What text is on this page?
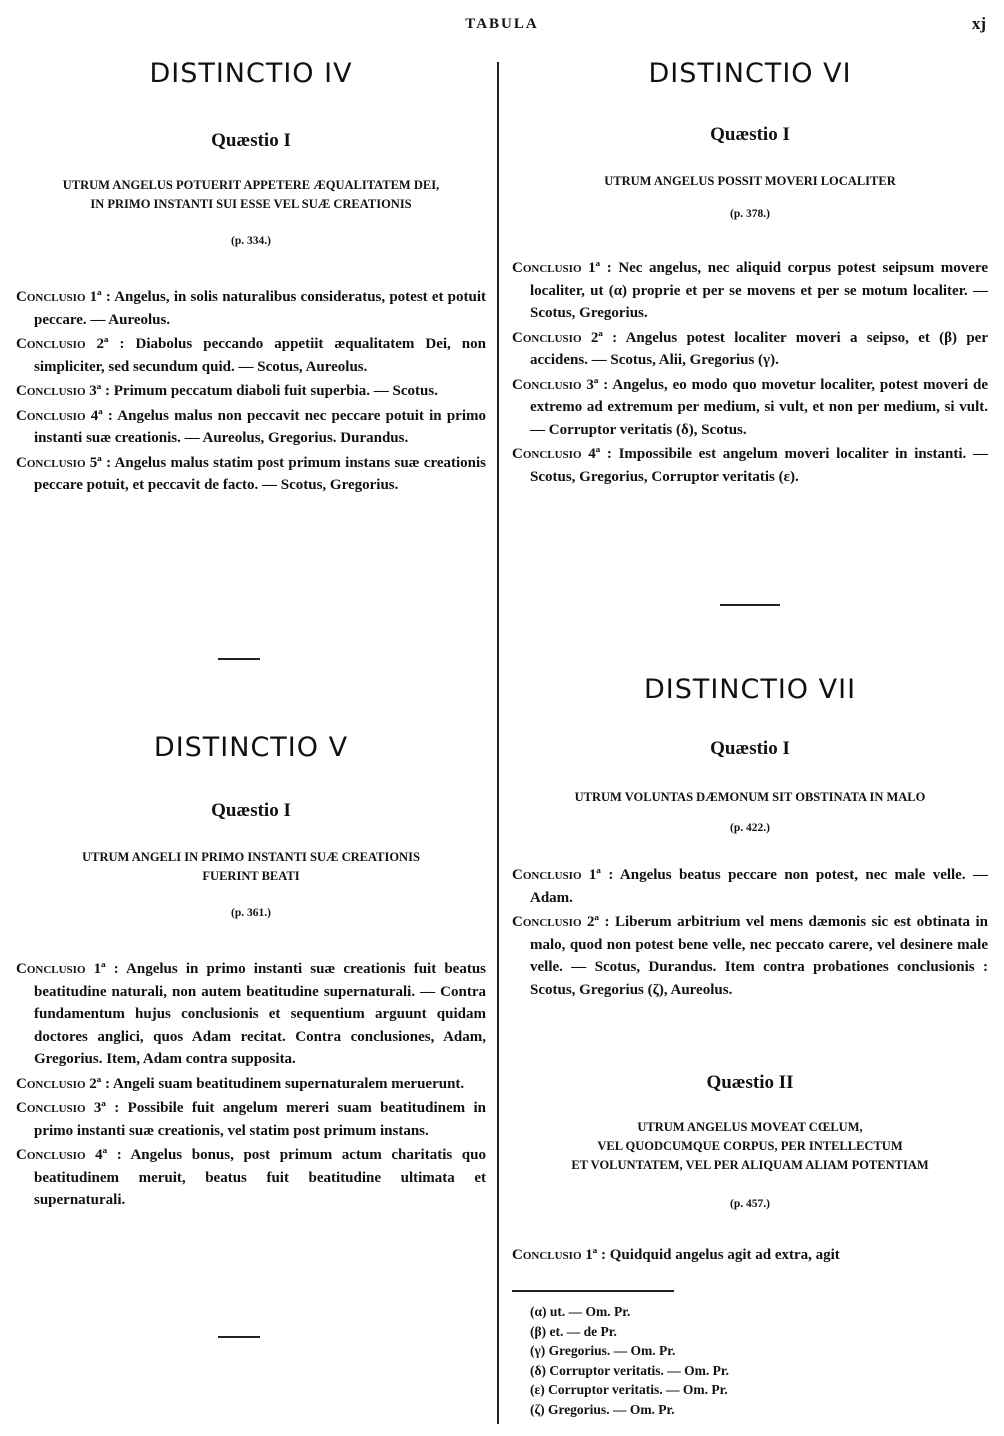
TABULA	xj
DISTINCTIO IV
Quæstio I
UTRUM ANGELUS POTUERIT APPETERE ÆQUALITATEM DEI,
IN PRIMO INSTANTI SUI ESSE VEL SUÆ CREATIONIS
(p. 334.)

Conclusio 1ª : Angelus, in solis naturalibus consideratus, potest et potuit peccare. — Aureolus.

Conclusio 2ª : Diabolus peccando appetiit æqualitatem Dei, non simpliciter, sed secundum quid. — Scotus, Aureolus.

Conclusio 3ª : Primum peccatum diaboli fuit superbia. — Scotus.

Conclusio 4ª : Angelus malus non peccavit nec peccare potuit in primo instanti suæ creationis. — Aureolus, Gregorius. Durandus.

Conclusio 5ª : Angelus malus statim post primum instans suæ creationis peccare potuit, et peccavit de facto. — Scotus, Gregorius.

DISTINCTIO V
Quæstio I
UTRUM ANGELI IN PRIMO INSTANTI SUÆ CREATIONIS
FUERINT BEATI
(p. 361.)

Conclusio 1ª : Angelus in primo instanti suæ creationis fuit beatus beatitudine naturali, non autem beatitudine supernaturali. — Contra fundamentum hujus conclusionis et sequentium arguunt quidam doctores anglici, quos Adam recitat. Contra conclusiones, Adam, Gregorius. Item, Adam contra supposita.

Conclusio 2ª : Angeli suam beatitudinem supernaturalem meruerunt.

Conclusio 3ª : Possibile fuit angelum mereri suam beatitudinem in primo instanti suæ creationis, vel statim post primum instans.

Conclusio 4ª : Angelus bonus, post primum actum charitatis quo beatitudinem meruit, beatus fuit beatitudine ultimata et supernaturali.

DISTINCTIO VI
Quæstio I
UTRUM ANGELUS POSSIT MOVERI LOCALITER
(p. 378.)

Conclusio 1ª : Nec angelus, nec aliquid corpus potest seipsum movere localiter, ut (α) proprie et per se movens et per se motum localiter. — Scotus, Gregorius.

Conclusio 2ª : Angelus potest localiter moveri a seipso, et (β) per accidens. — Scotus, Alii, Gregorius (γ).

Conclusio 3ª : Angelus, eo modo quo movetur localiter, potest moveri de extremo ad extremum per medium, si vult, et non per medium, si vult. — Corruptor veritatis (δ), Scotus.

Conclusio 4ª : Impossibile est angelum moveri localiter in instanti. — Scotus, Gregorius, Corruptor veritatis (ε).

DISTINCTIO VII
Quæstio I
UTRUM VOLUNTAS DÆMONUM SIT OBSTINATA IN MALO
(p. 422.)

Conclusio 1ª : Angelus beatus peccare non potest, nec male velle. — Adam.

Conclusio 2ª : Liberum arbitrium vel mens dæmonis sic est obtinata in malo, quod non potest bene velle, nec peccato carere, vel desinere male velle. — Scotus, Durandus. Item contra probationes conclusionis : Scotus, Gregorius (ζ), Aureolus.

Quæstio II
UTRUM ANGELUS MOVEAT CŒLUM,
VEL QUODCUMQUE CORPUS, PER INTELLECTUM
ET VOLUNTATEM, VEL PER ALIQUAM ALIAM POTENTIAM
(p. 457.)

Conclusio 1ª : Quidquid angelus agit ad extra, agit

(α) ut. — Om. Pr.
(β) et. — de Pr.
(γ) Gregorius. — Om. Pr.
(δ) Corruptor veritatis. — Om. Pr.
(ε) Corruptor veritatis. — Om. Pr.
(ζ) Gregorius. — Om. Pr.
